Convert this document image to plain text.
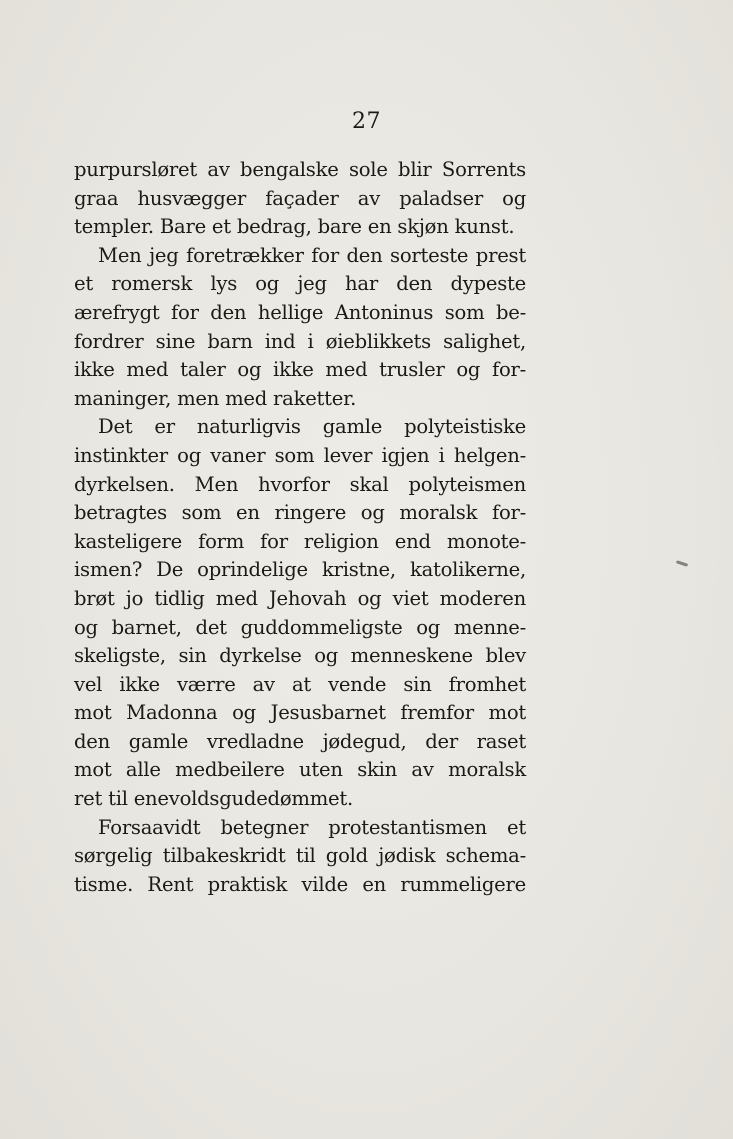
27
purpursløret av bengalske sole blir Sorrents
graa husvægger façader av paladser og
templer. Bare et bedrag, bare en skjøn kunst.
Men jeg foretrækker for den sorteste prest
et romersk lys og jeg har den dypeste
ærefrygt for den hellige Antoninus som be-
fordrer sine barn ind i øieblikkets salighet,
ikke med taler og ikke med trusler og for-
maninger, men med raketter.
Det er naturligvis gamle polyteistiske
instinkter og vaner som lever igjen i helgen-
dyrkelsen. Men hvorfor skal polyteismen
betragtes som en ringere og moralsk for-
kasteligere form for religion end monote-
ismen? De oprindelige kristne, katolikerne,
brøt jo tidlig med Jehovah og viet moderen
og barnet, det guddommeligste og menne-
skeligste, sin dyrkelse og menneskene blev
vel ikke værre av at vende sin fromhet
mot Madonna og Jesusbarnet fremfor mot
den gamle vredladne jødegud, der raset
mot alle medbeilere uten skin av moralsk
ret til enevoldsgudedømmet.
Forsaavidt betegner protestantismen et
sørgelig tilbakeskridt til gold jødisk schema-
tisme. Rent praktisk vilde en rummeligere
